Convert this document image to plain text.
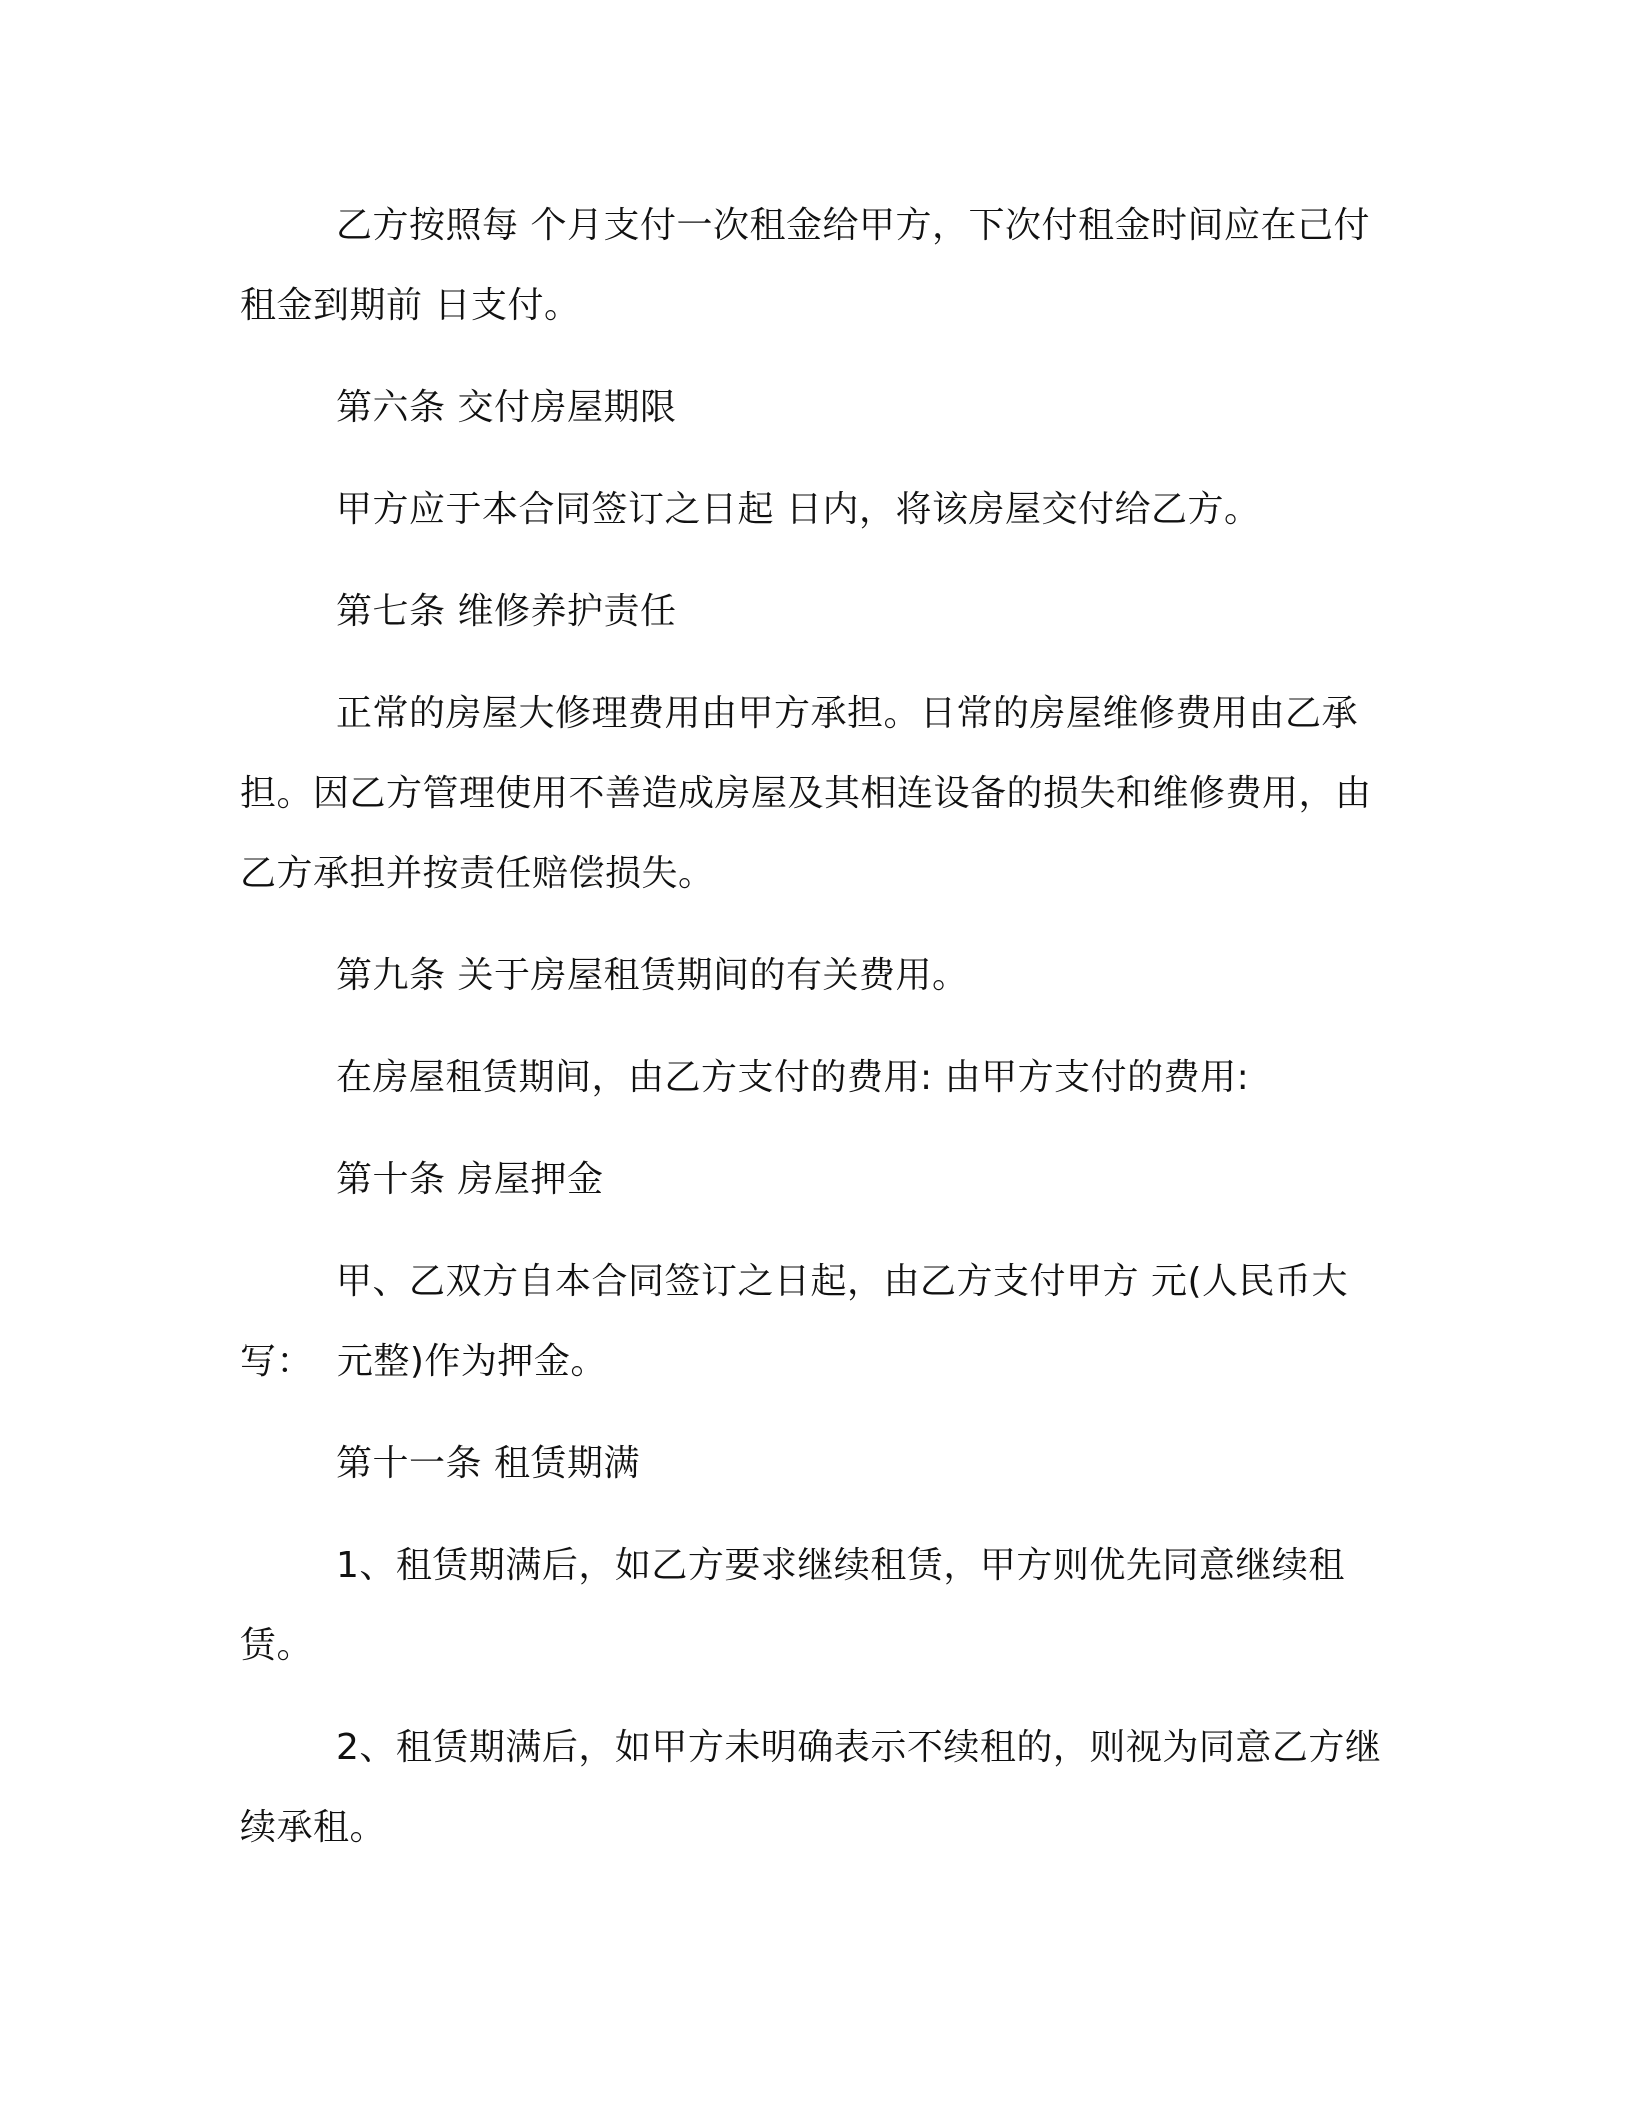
乙方按照每 个月支付一次租金给甲方，下次付租金时间应在己付租金到期前 日支付。

第六条 交付房屋期限

甲方应于本合同签订之日起 日内，将该房屋交付给乙方。

第七条 维修养护责任

正常的房屋大修理费用由甲方承担。日常的房屋维修费用由乙承担。因乙方管理使用不善造成房屋及其相连设备的损失和维修费用，由乙方承担并按责任赔偿损失。

第九条 关于房屋租赁期间的有关费用。

在房屋租赁期间，由乙方支付的费用: 由甲方支付的费用:

第十条 房屋押金

甲、乙双方自本合同签订之日起，由乙方支付甲方 元(人民币大写：  元整)作为押金。

第十一条 租赁期满

1、租赁期满后，如乙方要求继续租赁，甲方则优先同意继续租赁。

2、租赁期满后，如甲方未明确表示不续租的，则视为同意乙方继续承租。
